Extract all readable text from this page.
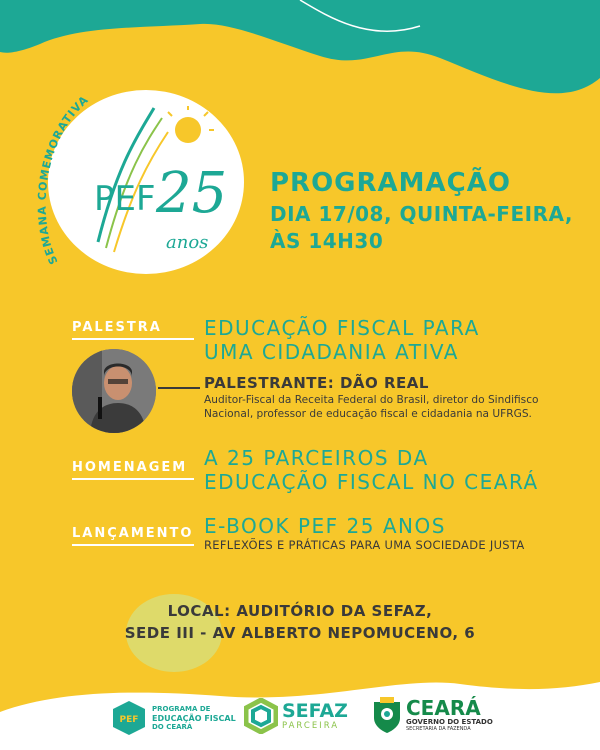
SEMANA COMEMORATIVA
PEF 25
anos
PROGRAMAÇÃO
DIA 17/08, QUINTA-FEIRA,
ÀS 14H30
PALESTRA	EDUCAÇÃO FISCAL PARA
UMA CIDADANIA ATIVA
PALESTRANTE: DÃO REAL
Auditor-Fiscal da Receita Federal do Brasil, diretor do Sindifisco Nacional, professor de educação fiscal e cidadania na UFRGS.
HOMENAGEM A 25 PARCEIROS DA
EDUCAÇÃO FISCAL NO CEARÁ
LANÇAMENTO E-BOOK PEF 25 ANOS
REFLEXÕES E PRÁTICAS PARA UMA SOCIEDADE JUSTA
LOCAL: AUDITÓRIO DA SEFAZ,
SEDE III - AV ALBERTO NEPOMUCENO, 6
PEF
PROGRAMA DE
EDUCAÇÃO FISCAL
DO CEARÁ
SEFAZ
PARCEIRA
CEARÁ
GOVERNO DO ESTADO
SECRETARIA DA FAZENDA
